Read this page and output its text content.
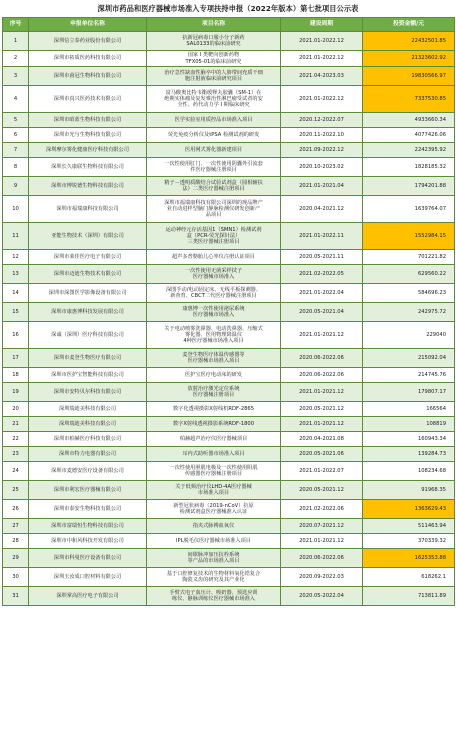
深圳市药品和医疗器械市场准入专项扶持申报（2022年版本）第七批项目公示表
序号	申报单位名称	项目名称	建设周期	投资金额/元
1	深圳信立泰药业股份有限公司	抗新冠病毒口服小分子新药
SAL0133的临床前研究	2021.01-2022.12	22432501.85
2	深圳市拓质医药科技有限公司	国家 I 类靶向创新药物
TFX05-01的临床前研究	2021.01-2022.12	21323602.92
3	深圳市茵冠生物科技有限公司	治疗急性缺血性脑卒中的人脐带间充质干细
胞注射液临床前研究项目	2021.04-2023.03	19830566.97
4	深圳市真兴医药技术有限公司	富马酸奥比特韦酯缓释丸胶囊（SM-1）在
绝期实体瘤及复发难治性淋巴瘤受试者的安
全性、药代动力学 I 期临床研究	2021.01-2022.12	7337530.85
5	深圳市昭蓝生物科技有限公司	医学实验室用质控品市场准入项目	2020.12-2022.07	4933660.34
6	深圳市光与生物科技有限公司	荧光免疫分析仪及tPSA 检测试剂的研发	2020.11-2022.10	4077426.06
7	深圳摩尔雾化健康医疗科技有限公司	医用网式雾化器新建项目	2021.09-2022.12	2242395.92
8	深圳长久康联生物科技有限公司	一次性使用肛门、一次性使用阴囊外引流套
件医疗器械注册项目	2020.10-2023.02	1828185.32
9	深圳市博锐德生物科技有限公司	精子－透明质酸结合试验试剂盒（圆相辅扶
法）二类医疗器械注册项目	2021.01-2021.04	1794201.88
10	深圳市福瑞康科技有限公司	深圳市福瑞康科技有限公司深圳的现品牌产
业自动进样型脑门静脉检测仪研发创新产
品项目	2020.04-2021.12	1639764.07
11	亚能生物技术（深圳）有限公司	运动神经元存活基因1（SMN1）检测试剂
盒（PCR-荧光探针法）
三类医疗器械注册项目	2021.01-2022.11	1552984.15
12	深圳市莱佳医疗电子有限公司	超声多普勒胎儿心率仪注册认证项目	2020.05-2021.11	701221.82
13	深圳市迈迪生物技术有限公司	一次性使用无菌采样拭子
医疗器械市场准入	2021.02-2022.05	629560.22
14	深圳市深图医学影像设备有限公司	深图手动/电动固定床、无线平板探测器、
新查育、CBCT二代医疗器械注册项目	2021.01-2022.04	584696.23
15	深圳市康惠博科技发展有限公司	康惠博一次性使用泌尿系统
医疗器械市场准入	2020.05-2021.04	242975.72
16	深诚（深圳）医疗科技有限公司	关于电动喷雾洗鼻器、电动洗鼻器、压缩式
雾化器、医用物理降温仪
4种医疗器械市场准入项目	2021.01-2021.12	229040
17	深圳市麦登生物医疗有限公司	麦登生物医疗体温传感器等
医疗器械市场准入项目	2020.06-2022.06	215092.04
18	深圳市医护宝智能科技有限公司	医护宝医疗电动床的研发	2020.06-2022.06	214745.76
19	深圳市安特贝尔科技有限公司	放射治疗激光定位系统
医疗器械注册项目	2021.01-2021.12	179807.17
20	深圳瑞迪美科技有限公司	数字化透视摄影X射线机RDF-2865	2020.05-2021.12	166564
21	深圳瑞迪美科技有限公司	数字X射线透视摄影系统RDF-1800	2021.01-2021.12	108819
22	深圳市柏赫医疗科技有限公司	柏赫超声治疗仪医疗器械项目	2020.04-2021.08	160943.34
23	深圳市特力电器有限公司	耳内式助听器市场准入项目	2020.05-2021.06	139284.73
24	深圳市麦德安医疗设备有限公司	一次性使用胆肌电极及一次性使用阻肌
传感器医疗器械注册项目	2021.01-2022.07	108234.68
25	深圳市利宏医疗器械有限公司	关于低频治疗仪LHD-4A医疗器械
市场准入项目	2020.05-2021.12	91968.35
26	深圳市泰安生物科技有限公司	新型冠状病毒（2019-nCoV）抗原
检测试剂盒医疗器械准入认证	2021.02-2022.06	1363629.43
27	深圳市富瑞恒生物科技有限公司	指夹式脉搏血氧仪	2020.07-2021.12	511463.94
28	深圳市中和风科技开发有限公司	IPL脱毛仪医疗器械市场准入项目	2021.01-2021.12	370339.32
29	深圳市科曼医疗设备有限公司	间歇脉冲加压抗栓系统
等产品的市场准入项目	2020.06-2022.06	1625353.88
30	深圳玉汝成口腔材料有限公司	基于口腔修复技术的生物材料氧化锆复合
陶瓷义齿的研究及其产业化	2020.09-2022.03	618262.1
31	深圳掌高医疗电子有限公司	手臂式电子血压计、吸奶器、预选应训
练仪、静脉训练仪医疗器械市场准入	2020.05-2022.04	713811.89
